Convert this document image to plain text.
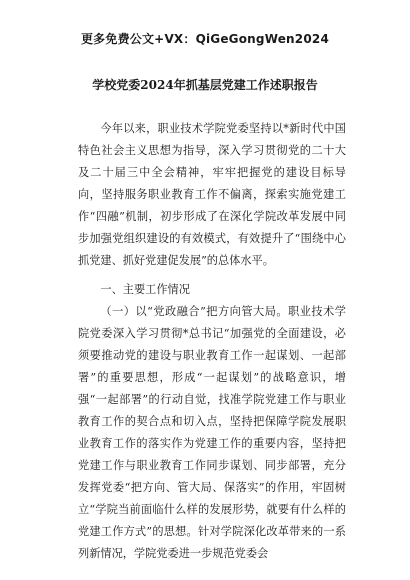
更多免费公文+VX：QiGeGongWen2024
学校党委2024年抓基层党建工作述职报告

今年以来，职业技术学院党委坚持以*新时代中国特色社会主义思想为指导，深入学习贯彻党的二十大及二十届三中全会精神，牢牢把握党的建设目标导向，坚持服务职业教育工作不偏离，探索实施党建工作“四融”机制，初步形成了在深化学院改革发展中同步加强党组织建设的有效模式，有效提升了“围绕中心抓党建、抓好党建促发展”的总体水平。

一、主要工作情况

（一）以“党政融合”把方向管大局。职业技术学院党委深入学习贯彻*总书记“加强党的全面建设，必须要推动党的建设与职业教育工作一起谋划、一起部署”的重要思想，形成“一起谋划”的战略意识，增强“一起部署”的行动自觉，找准学院党建工作与职业教育工作的契合点和切入点，坚持把保障学院发展职业教育工作的落实作为党建工作的重要内容，坚持把党建工作与职业教育工作同步谋划、同步部署，充分发挥党委“把方向、管大局、保落实”的作用，牢固树立“学院当前面临什么样的发展形势，就要有什么样的党建工作方式”的思想。针对学院深化改革带来的一系列新情况，学院党委进一步规范党委会
